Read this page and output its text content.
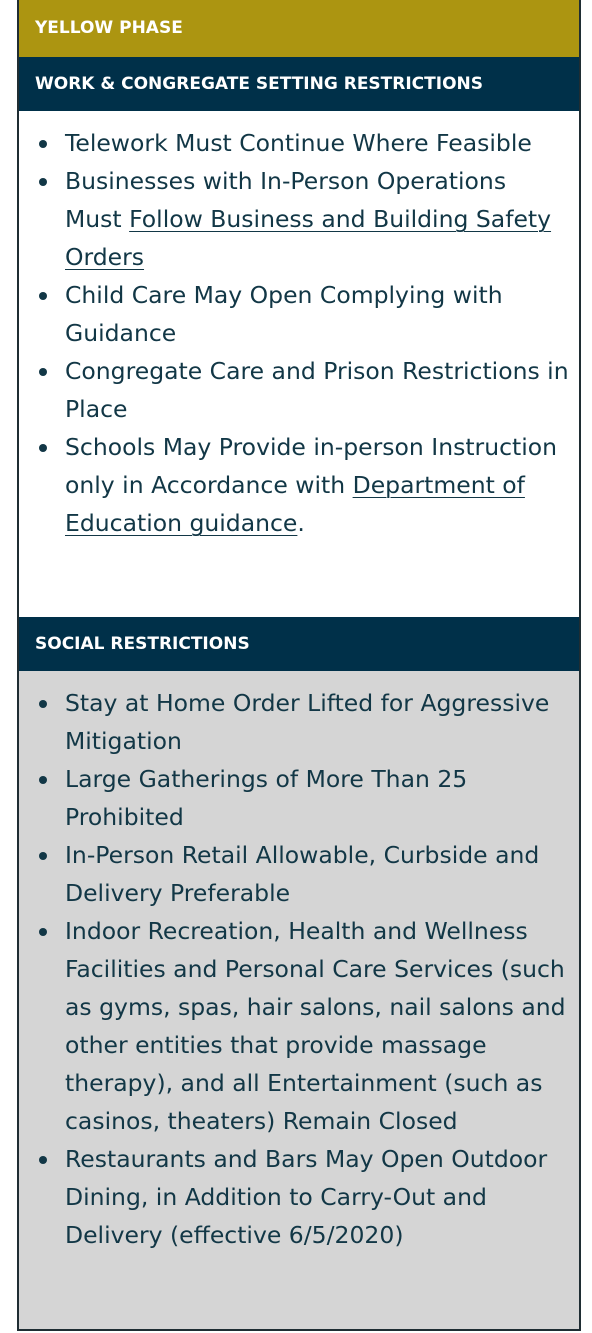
YELLOW PHASE
WORK & CONGREGATE SETTING RESTRICTIONS
Telework Must Continue Where Feasible
Businesses with In-Person Operations Must Follow Business and Building Safety Orders
Child Care May Open Complying with Guidance
Congregate Care and Prison Restrictions in Place
Schools May Provide in-person Instruction only in Accordance with Department of Education guidance.
SOCIAL RESTRICTIONS
Stay at Home Order Lifted for Aggressive Mitigation
Large Gatherings of More Than 25 Prohibited
In-Person Retail Allowable, Curbside and Delivery Preferable
Indoor Recreation, Health and Wellness Facilities and Personal Care Services (such as gyms, spas, hair salons, nail salons and other entities that provide massage therapy), and all Entertainment (such as casinos, theaters) Remain Closed
Restaurants and Bars May Open Outdoor Dining, in Addition to Carry-Out and Delivery (effective 6/5/2020)
